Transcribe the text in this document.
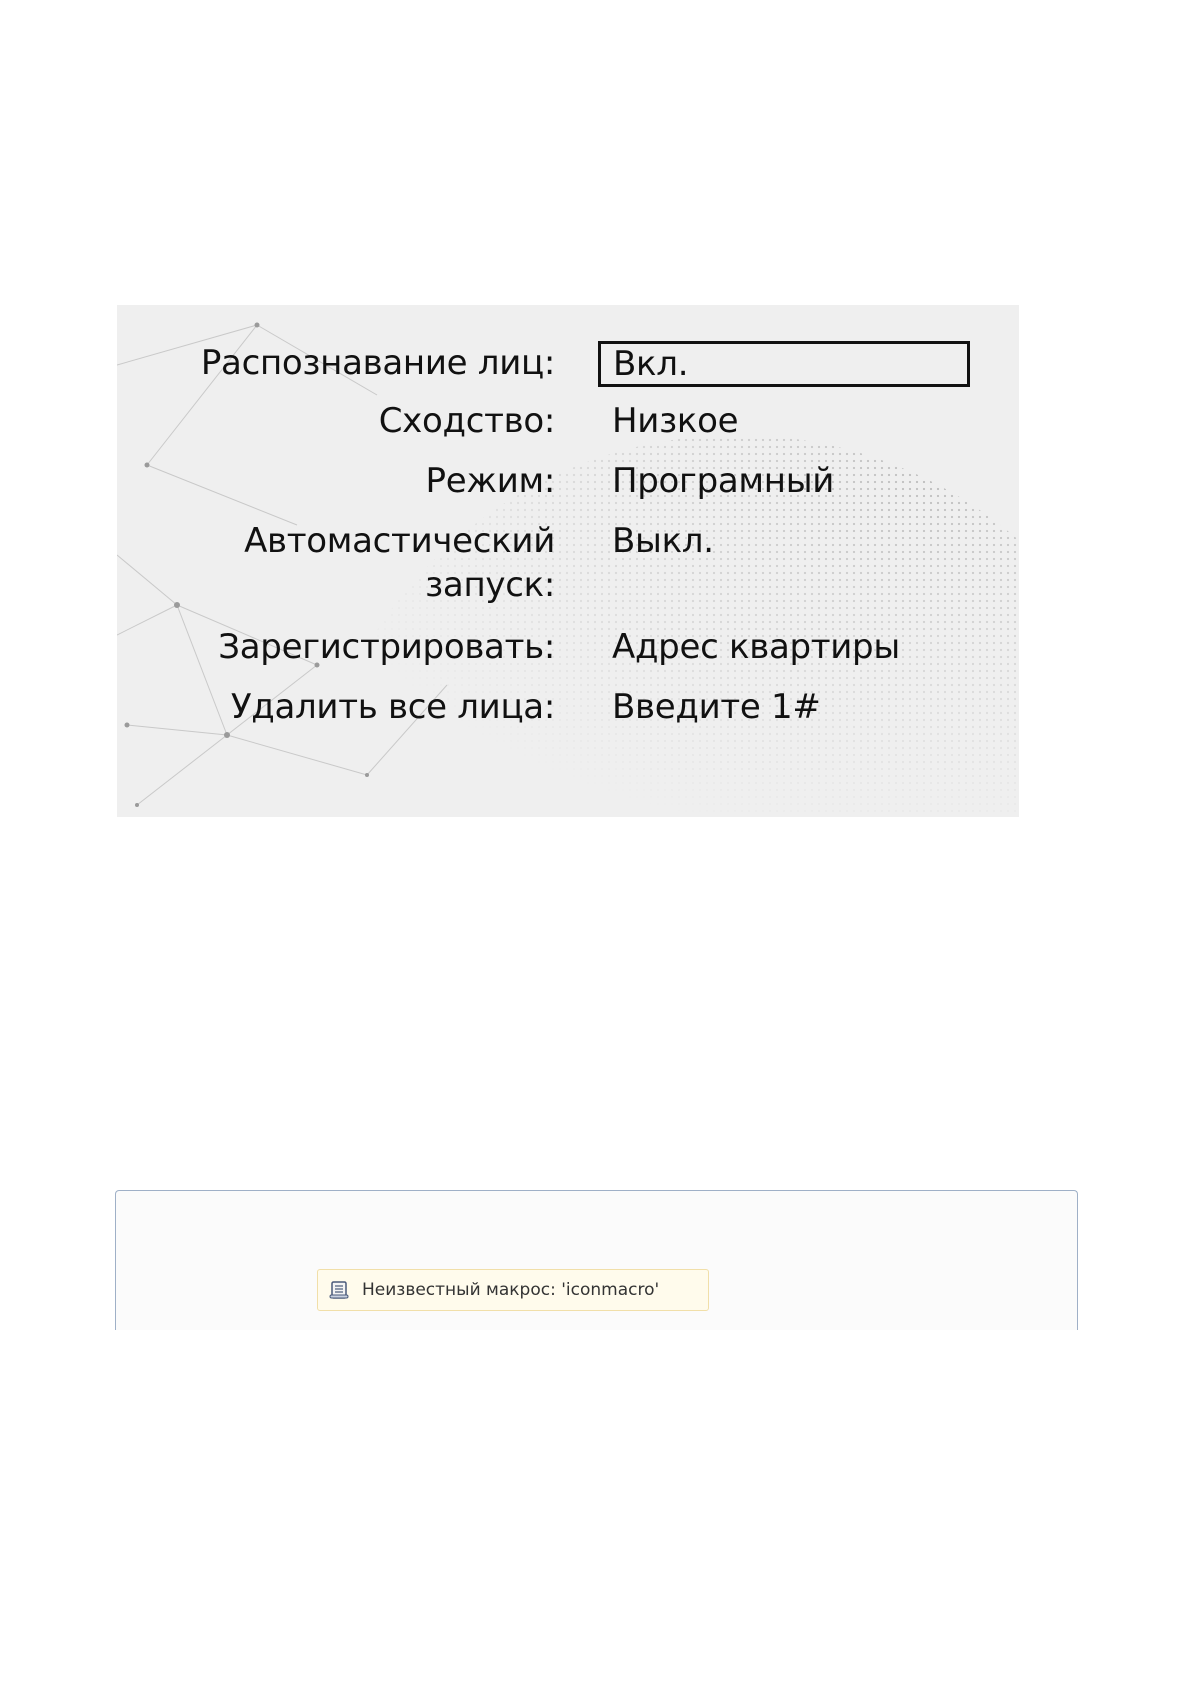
Распознавание лиц:	Вкл.
Сходство: Низкое
Режим: Програмный
Автомастический
запуск:
Выкл.
Зарегистрировать: Адрес квартиры
Удалить все лица: Введите 1#
Неизвестный макрос: 'iconmacro'
